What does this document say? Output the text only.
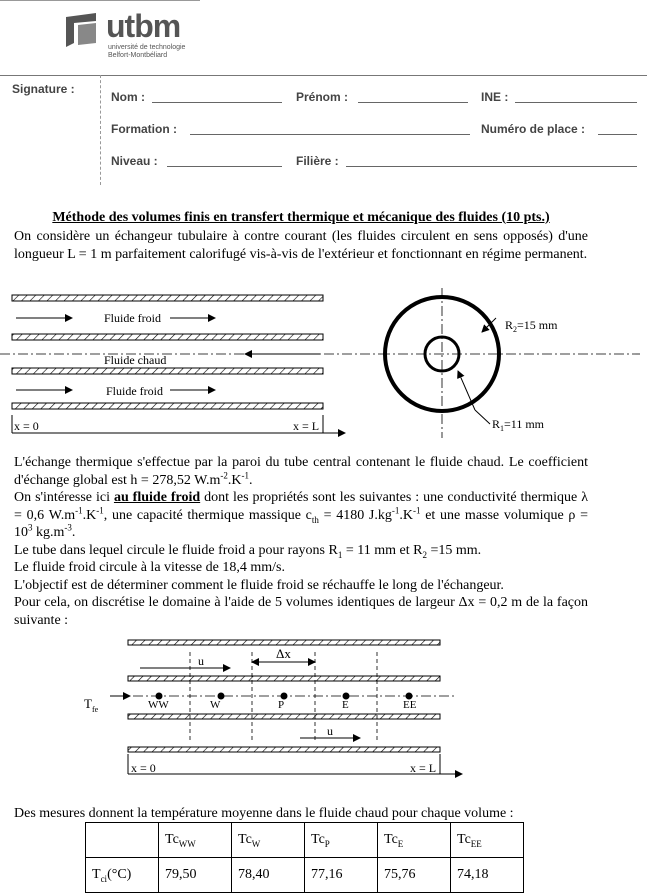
utbm
université de technologie
Belfort-Montbéliard
Signature :
Nom :	Prénom :	INE :
Formation :	Numéro de place :
Niveau :	Filière :
Méthode des volumes finis en transfert thermique et mécanique des fluides (10 pts.)
On considère un échangeur tubulaire à contre courant (les fluides circulent en sens opposés) d'une longueur L = 1 m parfaitement calorifugé vis-à-vis de l'extérieur et fonctionnant en régime permanent.
Fluide froid
Fluide chaud
Fluide froid
x = 0	x = L
$R_2=15$ mm
$R_1=11$ mm
L'échange thermique s'effectue par la paroi du tube central contenant le fluide chaud. Le coefficient d'échange global est h = 278,52 $W.m^{-2}.K^{-1}$.
On s'intéresse ici au fluide froid dont les propriétés sont les suivantes : une conductivité thermique λ = 0,6 $W.m^{-1}.K^{-1}$, une capacité thermique massique $c_{th} = 4180$ $J.kg^{-1}.K^{-1}$ et une masse volumique $\rho = 10^3$ $kg.m^{-3}$.
Le tube dans lequel circule le fluide froid a pour rayons $R_1 = 11$ mm et $R_2 =15$ mm.
Le fluide froid circule à la vitesse de 18,4 mm/s.
L'objectif est de déterminer comment le fluide froid se réchauffe le long de l'échangeur.
Pour cela, on discrétise le domaine à l'aide de 5 volumes identiques de largeur Δx = 0,2 m de la façon suivante :
u	Δx
WW	W	P	E	EE
$T_{fe}$
u
x = 0	x = L
Des mesures donnent la température moyenne dans le fluide chaud pour chaque volume :
	$Tc_{WW}$	$Tc_W$	$Tc_P$	$Tc_E$	$Tc_{EE}$
$T_{ci}(^\circ C)$	79,50	78,40	77,16	75,76	74,18
